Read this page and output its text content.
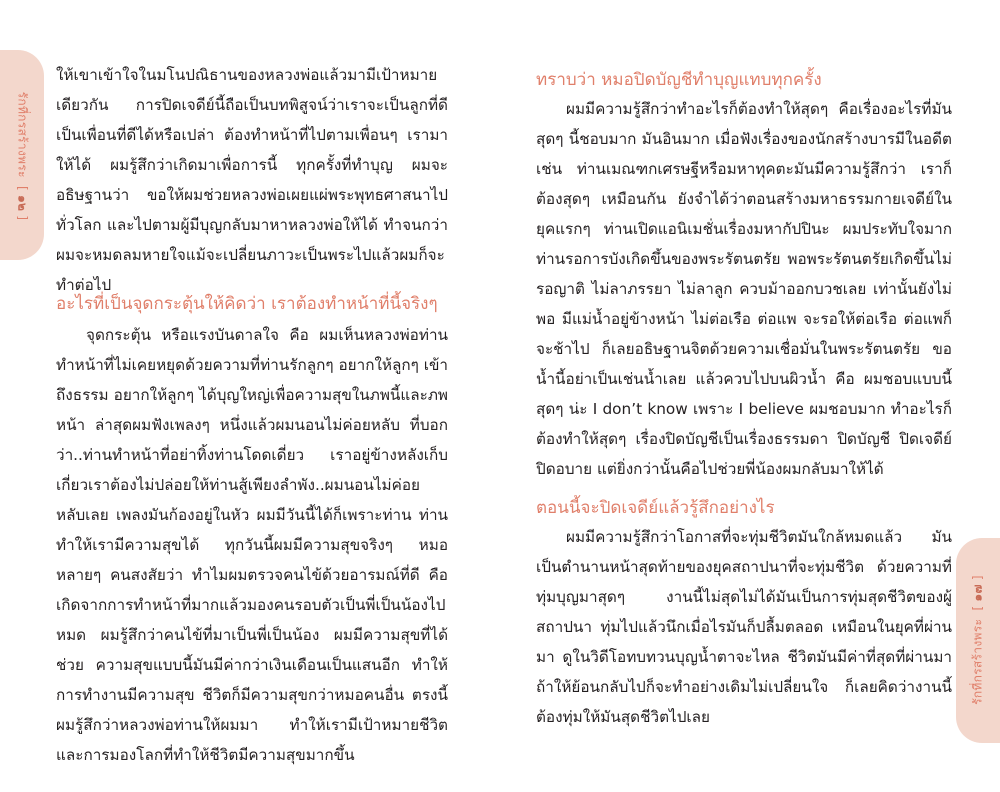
รักที่กรสร้างพระ  [ ๑๒ ]
รักที่กรสร้างพระ  [ ๑๗ ]

ให้เขาเข้าใจในมโนปณิธานของหลวงพ่อแล้วมามีเป้าหมายเดียวกัน การปิดเจดีย์นี้ถือเป็นบทพิสูจน์ว่าเราจะเป็นลูกที่ดี เป็นเพื่อนที่ดีได้หรือเปล่า ต้องทำหน้าที่ไปตามเพื่อนๆ เรามาให้ได้ ผมรู้สึกว่าเกิดมาเพื่อการนี้ ทุกครั้งที่ทำบุญ ผมจะอธิษฐานว่า ขอให้ผมช่วยหลวงพ่อเผยแผ่พระพุทธศาสนาไปทั่วโลก และไปตามผู้มีบุญกลับมาหาหลวงพ่อให้ได้ ทำจนกว่าผมจะหมดลมหายใจแม้จะเปลี่ยนภาวะเป็นพระไปแล้วผมก็จะทำต่อไป

อะไรที่เป็นจุดกระตุ้นให้คิดว่า เราต้องทำหน้าที่นี้จริงๆ

จุดกระตุ้น หรือแรงบันดาลใจ คือ ผมเห็นหลวงพ่อท่านทำหน้าที่ไม่เคยหยุดด้วยความที่ท่านรักลูกๆ อยากให้ลูกๆ เข้าถึงธรรม อยากให้ลูกๆ ได้บุญใหญ่เพื่อความสุขในภพนี้และภพหน้า ล่าสุดผมฟังเพลงๆ หนึ่งแล้วผมนอนไม่ค่อยหลับ ที่บอกว่า..ท่านทำหน้าที่อย่าทิ้งท่านโดดเดี่ยว เราอยู่ข้างหลังเก็บเกี่ยวเราต้องไม่ปล่อยให้ท่านสู้เพียงลำพัง..ผมนอนไม่ค่อยหลับเลย เพลงมันก้องอยู่ในหัว ผมมีวันนี้ได้ก็เพราะท่าน ท่านทำให้เรามีความสุขได้ ทุกวันนี้ผมมีความสุขจริงๆ หมอหลายๆ คนสงสัยว่า ทำไมผมตรวจคนไข้ด้วยอารมณ์ที่ดี คือเกิดจากการทำหน้าที่มากแล้วมองคนรอบตัวเป็นพี่เป็นน้องไปหมด ผมรู้สึกว่าคนไข้ที่มาเป็นพี่เป็นน้อง ผมมีความสุขที่ได้ช่วย ความสุขแบบนี้มันมีค่ากว่าเงินเดือนเป็นแสนอีก ทำให้การทำงานมีความสุข ชีวิตก็มีความสุขกว่าหมอคนอื่น ตรงนี้ผมรู้สึกว่าหลวงพ่อท่านให้ผมมา ทำให้เรามีเป้าหมายชีวิต และการมองโลกที่ทำให้ชีวิตมีความสุขมากขึ้น

ทราบว่า หมอปิดบัญชีทำบุญแทบทุกครั้ง

ผมมีความรู้สึกว่าทำอะไรก็ต้องทำให้สุดๆ คือเรื่องอะไรที่มันสุดๆ นี้ชอบมาก มันอินมาก เมื่อฟังเรื่องของนักสร้างบารมีในอดีต เช่น ท่านเมณฑกเศรษฐีหรือมหาทุคตะมันมีความรู้สึกว่า เราก็ต้องสุดๆ เหมือนกัน ยังจำได้ว่าตอนสร้างมหาธรรมกายเจดีย์ในยุคแรกๆ ท่านเปิดแอนิเมชั่นเรื่องมหากัปปินะ ผมประทับใจมาก ท่านรอการบังเกิดขึ้นของพระรัตนตรัย พอพระรัตนตรัยเกิดขึ้นไม่รอญาติ ไม่ลาภรรยา ไม่ลาลูก ควบม้าออกบวชเลย เท่านั้นยังไม่พอ มีแม่น้ำอยู่ข้างหน้า ไม่ต่อเรือ ต่อแพ จะรอให้ต่อเรือ ต่อแพก็จะช้าไป ก็เลยอธิษฐานจิตด้วยความเชื่อมั่นในพระรัตนตรัย ขอน้ำนี้อย่าเป็นเช่นน้ำเลย แล้วควบไปบนผิวน้ำ คือ ผมชอบแบบนี้ สุดๆ น่ะ I don’t know เพราะ I believe ผมชอบมาก ทำอะไรก็ต้องทำให้สุดๆ เรื่องปิดบัญชีเป็นเรื่องธรรมดา ปิดบัญชี ปิดเจดีย์ ปิดอบาย แต่ยิ่งกว่านั้นคือไปช่วยพี่น้องผมกลับมาให้ได้

ตอนนี้จะปิดเจดีย์แล้วรู้สึกอย่างไร

ผมมีความรู้สึกว่าโอกาสที่จะทุ่มชีวิตมันใกล้หมดแล้ว มันเป็นตำนานหน้าสุดท้ายของยุคสถาปนาที่จะทุ่มชีวิต ด้วยความที่ทุ่มบุญมาสุดๆ งานนี้ไม่สุดไม่ได้มันเป็นการทุ่มสุดชีวิตของผู้สถาปนา ทุ่มไปแล้วนึกเมื่อไรมันก็ปลื้มตลอด เหมือนในยุคที่ผ่านมา ดูในวิดีโอทบทวนบุญน้ำตาจะไหล ชีวิตมันมีค่าที่สุดที่ผ่านมา ถ้าให้ย้อนกลับไปก็จะทำอย่างเดิมไม่เปลี่ยนใจ ก็เลยคิดว่างานนี้ต้องทุ่มให้มันสุดชีวิตไปเลย
